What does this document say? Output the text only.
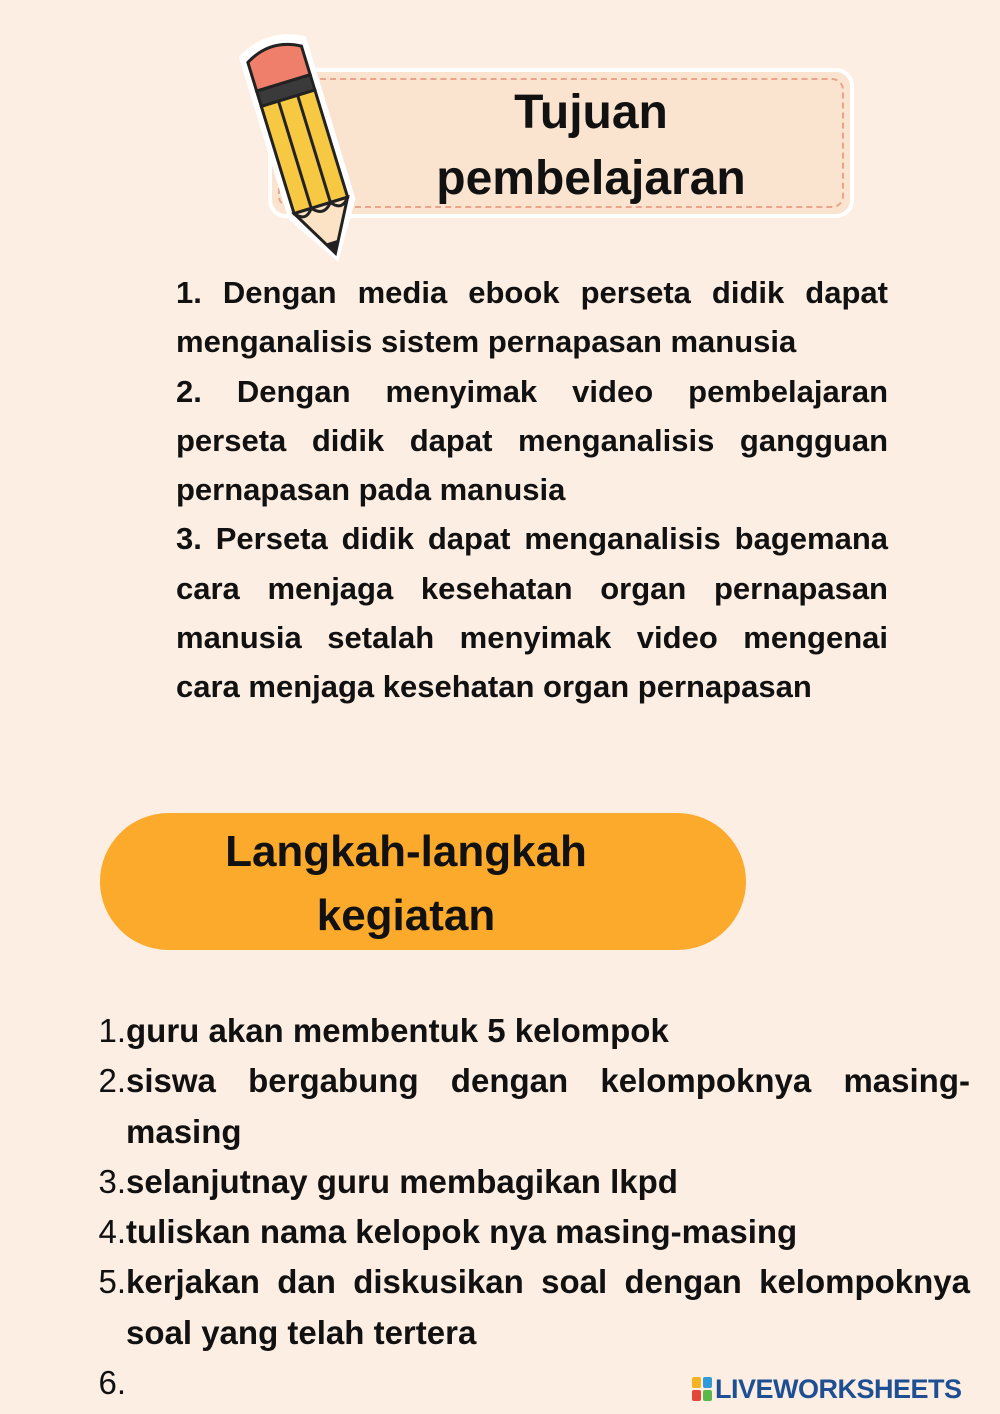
Tujuan
pembelajaran

1. Dengan media ebook perseta didik dapat menganalisis sistem pernapasan manusia

2. Dengan menyimak video pembelajaran perseta didik dapat menganalisis gangguan pernapasan pada manusia

3. Perseta didik dapat menganalisis bagemana cara menjaga kesehatan organ pernapasan manusia setalah menyimak video mengenai cara menjaga kesehatan organ pernapasan

Langkah-langkah
kegiatan
1. guru akan membentuk 5 kelompok
2. siswa bergabung dengan kelompoknya masing-masing
3. selanjutnay guru membagikan lkpd
4. tuliskan nama kelopok nya masing-masing
5. kerjakan dan diskusikan soal dengan kelompoknya soal yang telah tertera
6.	LIVEWORKSHEETS
